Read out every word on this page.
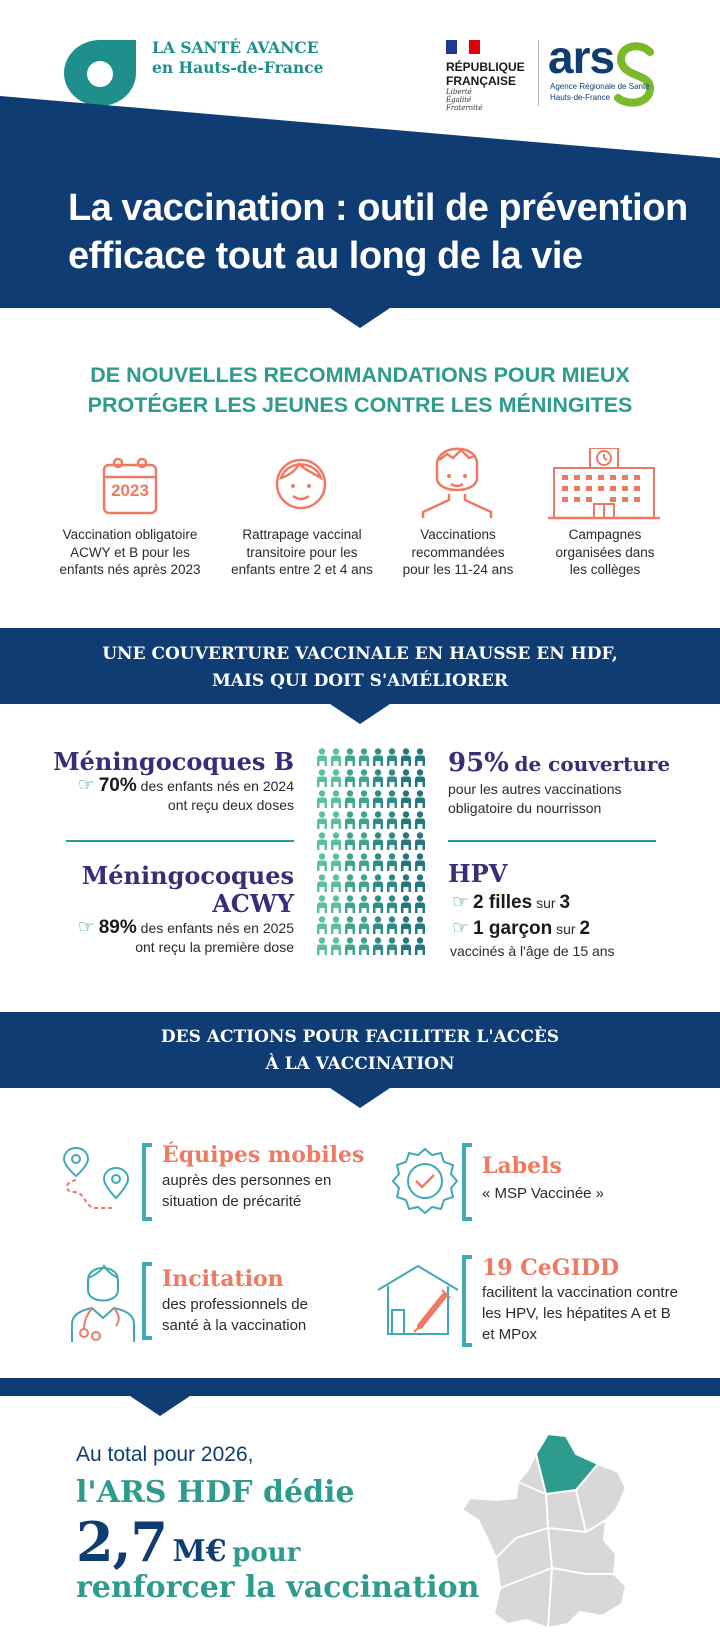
LA SANTÉ AVANCE
en Hauts-de-France	RÉPUBLIQUE
FRANÇAISE
Liberté
Égalité
Fraternité
ars
Agence Régionale de Santé
Hauts-de-France
La vaccination : outil de prévention
efficace tout au long de la vie
DE NOUVELLES RECOMMANDATIONS POUR MIEUX
PROTÉGER LES JEUNES CONTRE LES MÉNINGITES
2023
Vaccination obligatoire
ACWY et B pour les
enfants nés après 2023
Rattrapage vaccinal
transitoire pour les
enfants entre 2 et 4 ans
Vaccinations
recommandées
pour les 11-24 ans
Campagnes
organisées dans
les collèges
UNE COUVERTURE VACCINALE EN HAUSSE EN HDF,
MAIS QUI DOIT S'AMÉLIORER
Méningocoques B
☞ 70% des enfants nés en 2024
ont reçu deux doses
Méningocoques
ACWY
☞ 89% des enfants nés en 2025
ont reçu la première dose
95% de couverture
pour les autres vaccinations
obligatoire du nourrisson
HPV
☞ 2 filles sur 3
☞ 1 garçon sur 2
vaccinés à l'âge de 15 ans
DES ACTIONS POUR FACILITER L'ACCÈS
À LA VACCINATION
Équipes mobiles
auprès des personnes en
situation de précarité
Labels
« MSP Vaccinée »
Incitation
des professionnels de
santé à la vaccination
19 CeGIDD
facilitent la vaccination contre
les HPV, les hépatites A et B
et MPox
Au total pour 2026,
l'ARS HDF dédie
2,7 M€ pour
renforcer la vaccination
